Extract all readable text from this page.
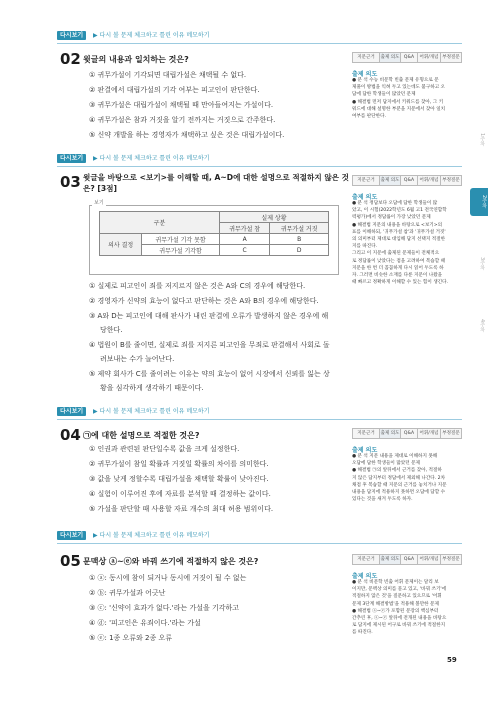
1주차
2주차
3주차
4주차
다시보기	▶ 다시 볼 문제 체크하고 틀린 이유 메모하기
02 윗글의 내용과 일치하는 것은?
① 귀무가설이 기각되면 대립가설은 채택될 수 없다.
② 판결에서 대립가설의 기각 여부는 피고인이 판단한다.
③ 귀무가설은 대립가설이 채택될 때 만아들여지는 가설이다.
④ 귀무가설은 참과 거짓을 알기 전까지는 거짓으로 간주한다.
⑤ 신약 개발을 하는 경영자가 채택하고 싶은 것은 대립가설이다.
지문근거	출제 의도	Q&A	어휘/개념 부정질문
출제 의도
● 분 석 수능 비문학 빈출 문제 유형으로 문
제풀이 방법을 익혀 두고 있는데도 불구하고 오
답에 답한 학생들이 많았던 문제
● 해결법 먼저 답지에서 키워드를 찾아, 그 키
워드에 대해 설명한 부분을 지문에서 찾아 일치
여부를 판단한다.
다시보기	▶ 다시 볼 문제 체크하고 틀린 이유 메모하기
03 윗글을 바탕으로 <보기>를 이해할 때, A~D에 대한 설명으로 적절하지 않은 것
은? [3점]
보기
구분		실제 상황	
		귀무가설 참	귀무가설 거짓
의사 결정	귀무가설 기각 못함	A	B
	귀무가설 기각함	C	D
① 실제로 피고인이 죄를 저지르지 않은 것은 A와 C의 경우에 해당한다.
② 경영자가 신약의 효능이 없다고 판단하는 것은 A와 B의 경우에 해당한다.
③ A와 D는 피고인에 대해 판사가 내린 판결에 오류가 발생하지 않은 경우에 해
당한다.
④ 법원이 B를 줄이면, 실제로 죄를 저지른 피고인을 무죄로 판결해서 사회로 돌
려보내는 수가 늘어난다.
⑤ 제약 회사가 C를 줄이려는 이유는 약의 효능이 없어 시장에서 신뢰를 잃는 상
황을 심각하게 생각하기 때문이다.
지문근거	출제 의도	Q&A	어휘/개념 부정질문
출제 의도
● 분 석 정답보다 오답에 답한 학생들이 많
았고, 이 시험(2022학년도 6월 고1 전국연합학
력평가)에서 정답률이 가장 낮았던 문제
● 해결법 지문의 내용을 바탕으로 <보기>의
표를 이해하되, '귀무가설 참'과 '귀무가설 거짓'
의 의미부터 제대로 대입해 답지 선택지 적절한
지를 따진다.
그리고 이 지문에 출제된 문제들이 전체적으
로 정답률이 낮았다는 점을 고려하여 복습할 때
지문을 한 번 더 꼼꼼하게 다시 읽어 두도록 하
자. 그러면 비슷한 소재를 다룬 지문이 나왔을
때 빠르고 정확하게 이해할 수 있는 힘이 생긴다.
다시보기	▶ 다시 볼 문제 체크하고 틀린 이유 메모하기
04 ㉠에 대한 설명으로 적절한 것은?
① 인권과 관련된 판단일수록 값을 크게 설정한다.
② 귀무가설이 참일 확률과 거짓일 확률의 차이를 의미한다.
③ 값을 낮게 정할수록 대립가설을 채택할 확률이 낮아진다.
④ 실험이 이루어진 후에 자료를 분석할 때 결정하는 값이다.
⑤ 가설을 판단할 때 사용할 자료 개수의 최대 허용 범위이다.
지문근거	출제 의도	Q&A	어휘/개념 부정질문
출제 의도
● 분 석 지문 내용을 제대로 이해하지 못해
오답에 답한 학생들이 많았던 문제
● 해결법 ㉠의 앞뒤에서 근거를 찾아, 적절하
지 않은 답지부터 정답에서 제외해 나간다. 2차
채점 후 복습할 때 지문의 근거를 놓치거나 지문
내용을 답지에 적용하지 못하면 오답에 답할 수
있다는 것을 새겨 두도록 하자.
다시보기	▶ 다시 볼 문제 체크하고 틀린 이유 메모하기
05 문맥상 ⓐ~ⓔ와 바꿔 쓰기에 적절하지 않은 것은?
① ⓐ: 동시에 참이 되거나 동시에 거짓이 될 수 없는
② ⓑ: 귀무가설과 어긋난
③ ⓒ: '신약이 효과가 없다.'라는 가설을 기각하고
④ ⓓ: '피고인은 유죄이다.'라는 가설
⑤ ⓔ: 1종 오류와 2종 오류
지문근거	출제 의도	Q&A	어휘/개념 부정질문
출제 의도
● 분 석 비문학 빈출 어휘 문제이는 달리 보
이지만, 문맥상 의미를 묻고 있고, '바꿔 쓰기'에
적절하지 않은 것'을 질문하고 있으므로 '어휘
문제 3단계 해결방법'을 적용해 볼만한 문제
● 해결법 ⓐ~ⓔ가 포함된 문장의 핵심부터
간추린 후, ⓐ~ⓔ 앞뒤에 전개된 내용을 바탕으
로 답지에 제시된 어구로 바꿔 쓰기에 적절한지
를 따진다.
59
